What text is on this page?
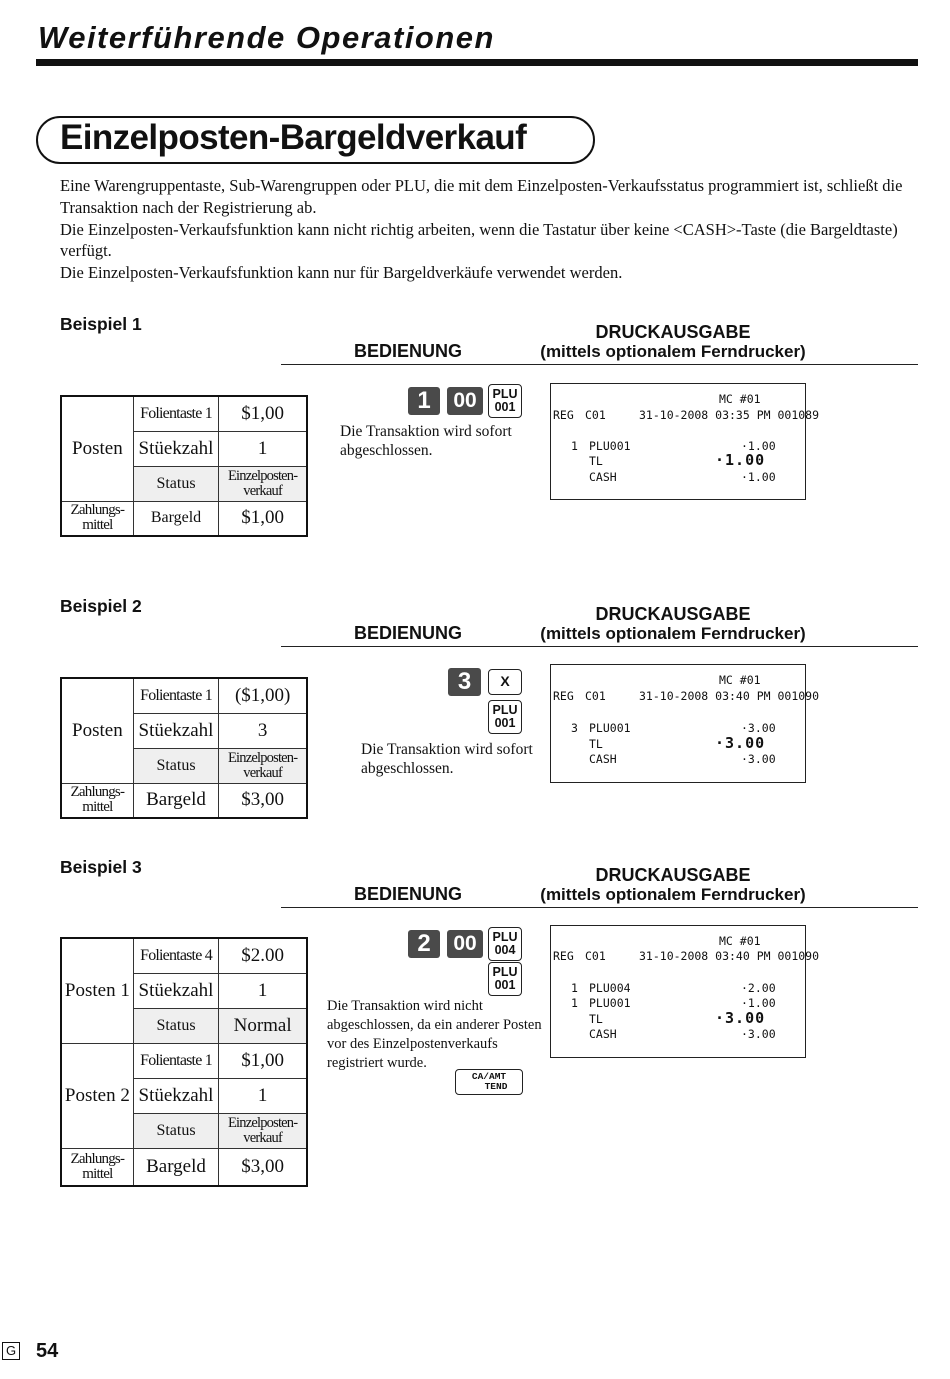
Weiterführende Operationen
Einzelposten-Bargeldverkauf

Eine Warengruppentaste, Sub-Warengruppen oder PLU, die mit dem Einzelposten-Verkaufsstatus programmiert ist, schließt die Transaktion nach der Registrierung ab.

Die Einzelposten-Verkaufsfunktion kann nicht richtig arbeiten, wenn die Tastatur über keine <CASH>-Taste (die Bargeldtaste) verfügt.

Die Einzelposten-Verkaufsfunktion kann nur für Bargeldverkäufe verwendet werden.

Beispiel 1	DRUCKAUSGABE
(mittels optionalem Ferndrucker)
BEDIENUNG
Posten	Folientaste 1	$1,00
	Stüekzahl	1
	Status	Einzelposten-verkauf
Zahlungs-mittel	Bargeld	$1,00
1	00	PLU
001
Die Transaktion wird sofort abgeschlossen.
MC #01
REG C01	31-10-2008 03:35 PM 001089
1 PLU001	·1.00
TL	·1.00
CASH	·1.00
Beispiel 2	DRUCKAUSGABE
(mittels optionalem Ferndrucker)
BEDIENUNG
Posten	Folientaste 1	($1,00)
	Stüekzahl	3
	Status	Einzelposten-verkauf
Zahlungs-mittel	Bargeld	$3,00
3	X
PLU
001
Die Transaktion wird sofort abgeschlossen.
MC #01
REG C01	31-10-2008 03:40 PM 001090
3 PLU001	·3.00
TL	·3.00
CASH	·3.00
Beispiel 3	DRUCKAUSGABE
(mittels optionalem Ferndrucker)
BEDIENUNG
Posten 1	Folientaste 4	$2.00
	Stüekzahl	1
	Status	Normal
Posten 2	Folientaste 1	$1,00
	Stüekzahl	1
	Status	Einzelposten-verkauf
Zahlungs-mittel	Bargeld	$3,00
2	00	PLU
004
PLU
001
Die Transaktion wird nicht abgeschlossen, da ein anderer Posten vor des Einzelpostenverkaufs registriert wurde.
CA/AMT
TEND
MC #01
REG C01	31-10-2008 03:40 PM 001090
1 PLU004	·2.00
1 PLU001	·1.00
TL	·3.00
CASH	·3.00
G 54
